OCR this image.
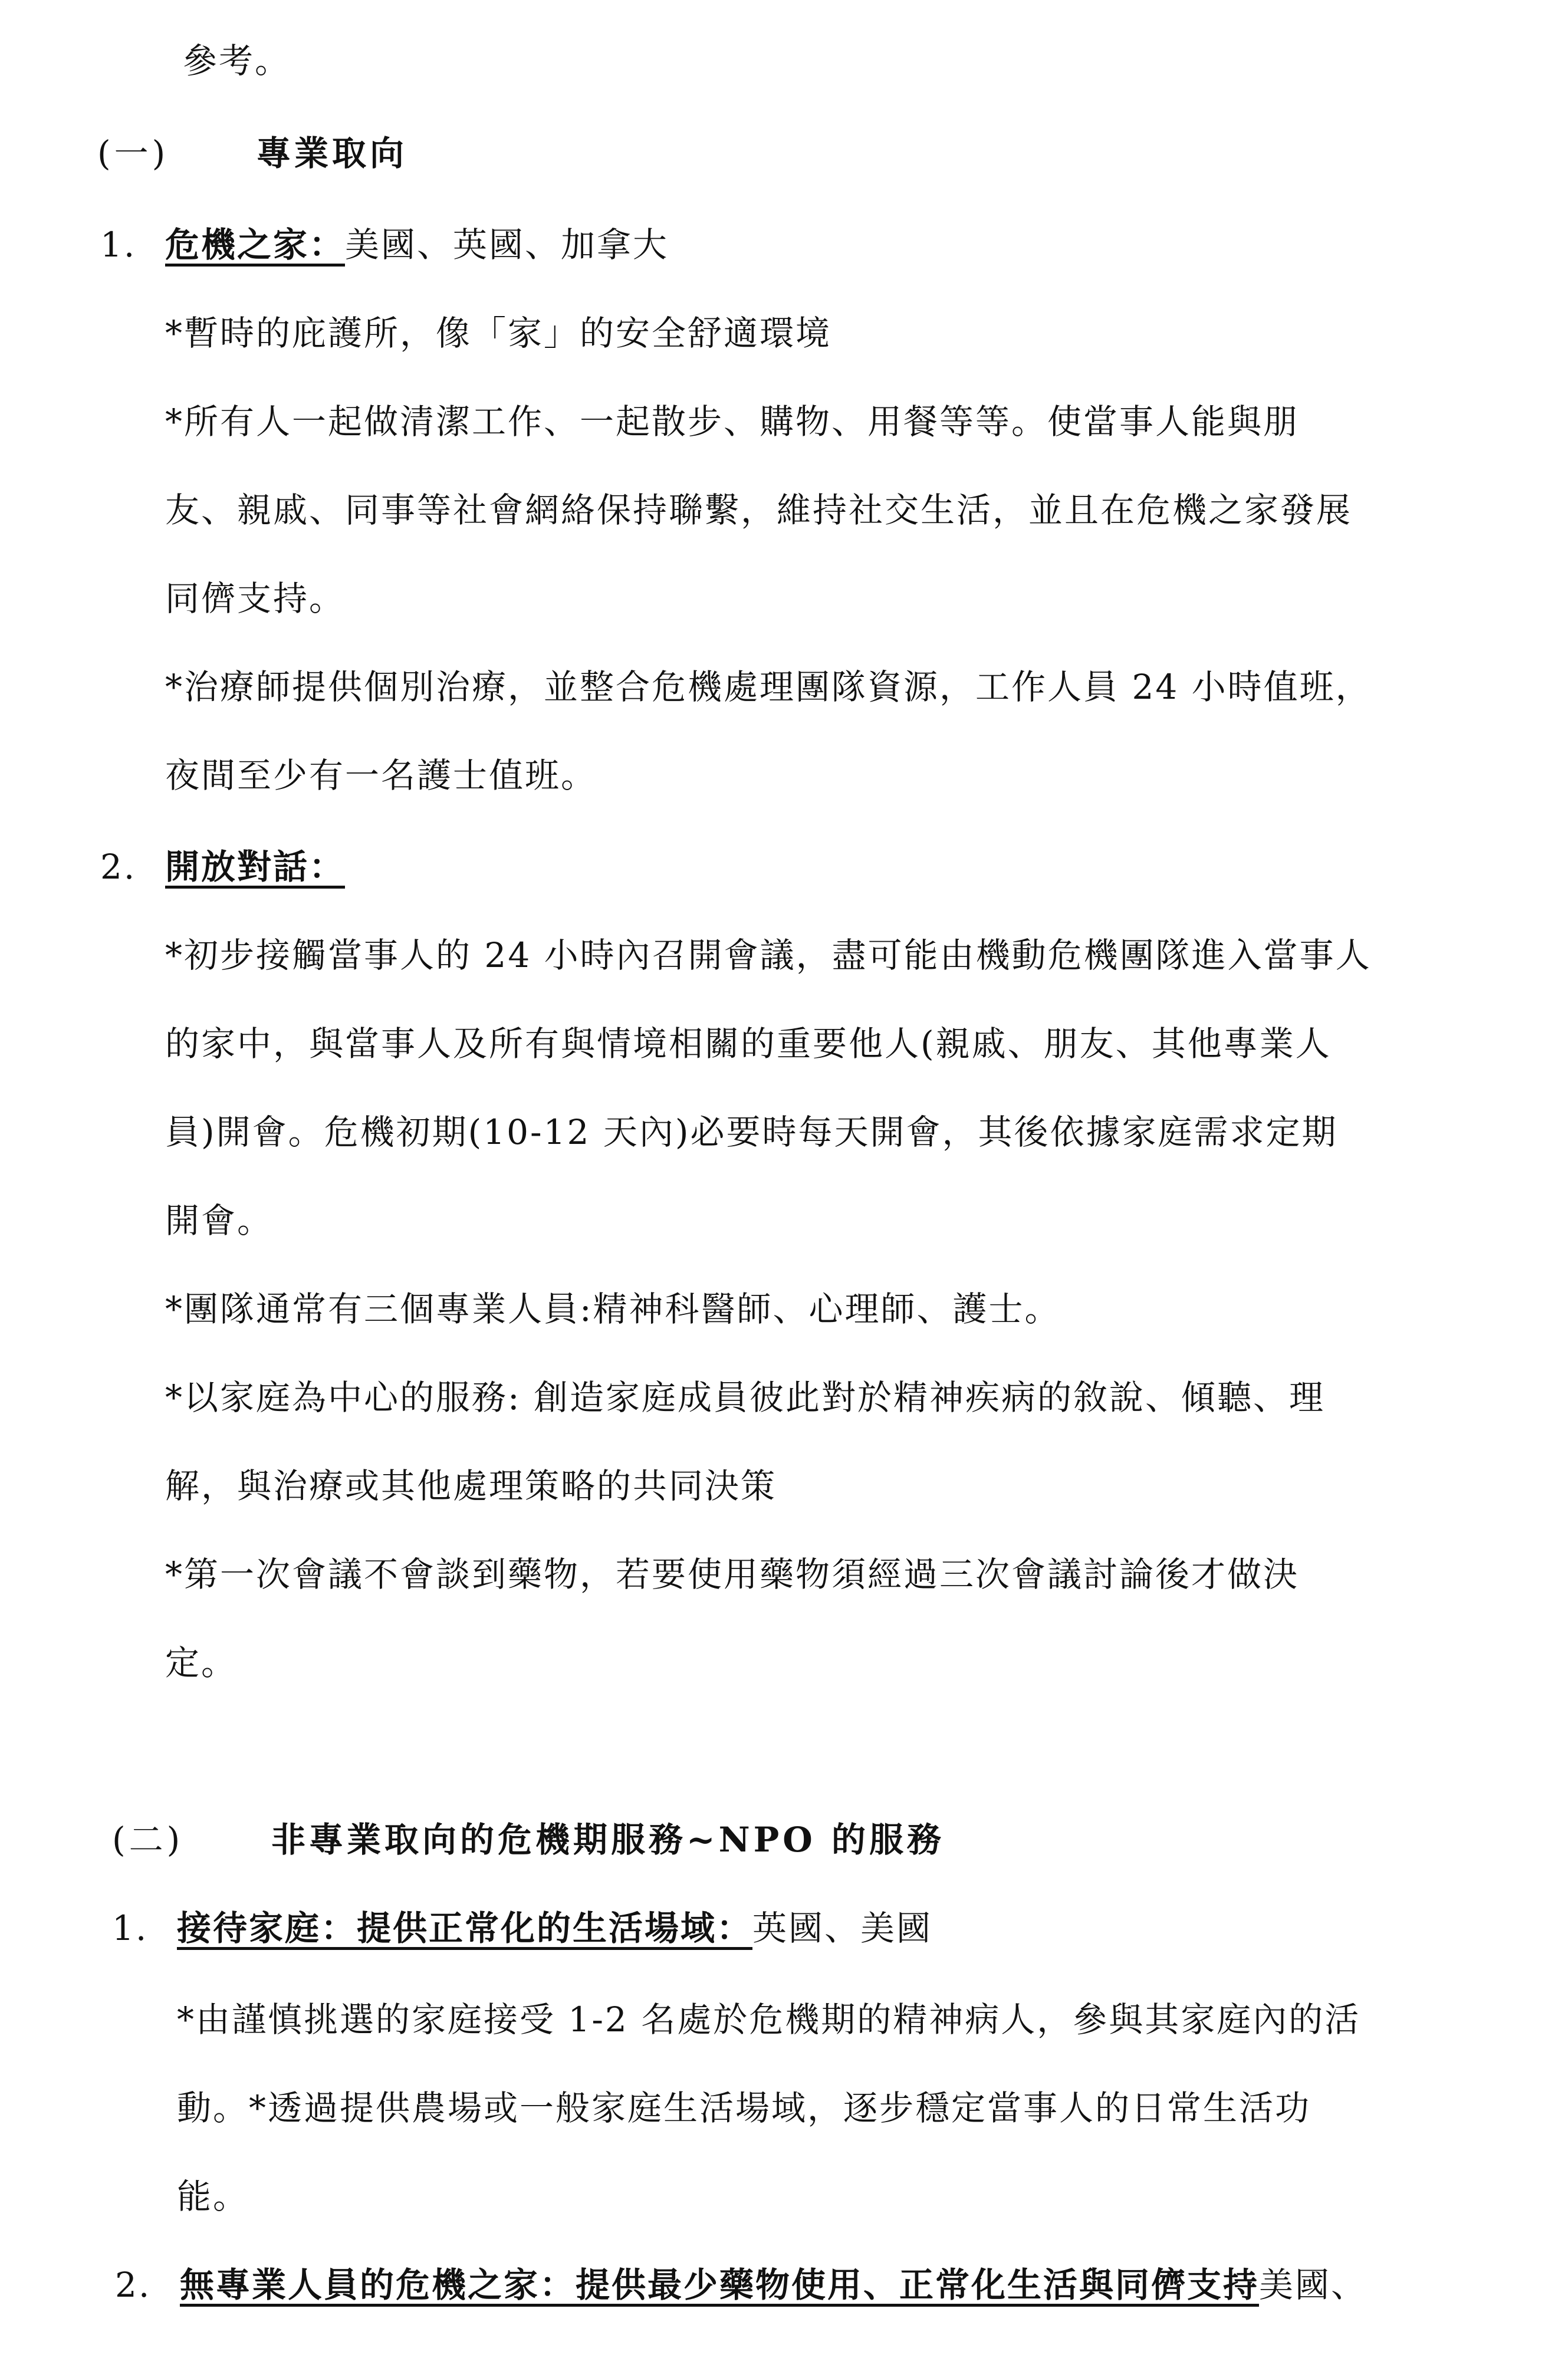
參考。
(一)	專業取向
1. 危機之家：美國、英國、加拿大
*暫時的庇護所，像「家」的安全舒適環境
*所有人一起做清潔工作、一起散步、購物、用餐等等。使當事人能與朋
友、親戚、同事等社會網絡保持聯繫，維持社交生活，並且在危機之家發展
同儕支持。
*治療師提供個別治療，並整合危機處理團隊資源，工作人員 24 小時值班，
夜間至少有一名護士值班。
2. 開放對話：
*初步接觸當事人的 24 小時內召開會議，盡可能由機動危機團隊進入當事人
的家中，與當事人及所有與情境相關的重要他人(親戚、朋友、其他專業人
員)開會。危機初期(10-12 天內)必要時每天開會，其後依據家庭需求定期
開會。
*團隊通常有三個專業人員:精神科醫師、心理師、護士。
*以家庭為中心的服務: 創造家庭成員彼此對於精神疾病的敘說、傾聽、理
解，與治療或其他處理策略的共同決策
*第一次會議不會談到藥物，若要使用藥物須經過三次會議討論後才做決
定。
(二)	非專業取向的危機期服務~NPO 的服務
1. 接待家庭：提供正常化的生活場域：英國、美國
*由謹慎挑選的家庭接受 1-2 名處於危機期的精神病人，參與其家庭內的活
動。*透過提供農場或一般家庭生活場域，逐步穩定當事人的日常生活功
能。
2. 無專業人員的危機之家：提供最少藥物使用、正常化生活與同儕支持美國、
